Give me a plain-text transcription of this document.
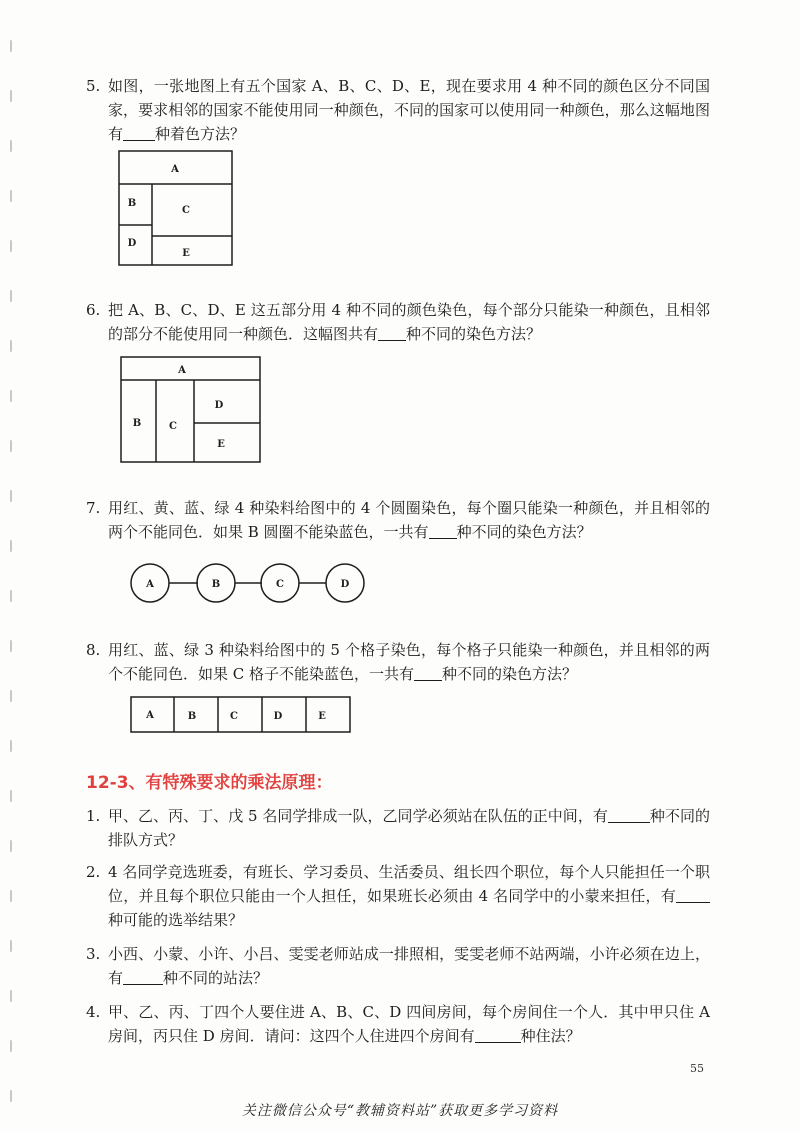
5. 如图，一张地图上有五个国家 A、B、C、D、E，现在要求用 4 种不同的颜色区分不同国家，要求相邻的国家不能使用同一种颜色，不同的国家可以使用同一种颜色，那么这幅地图有 种着色方法？
A
B
C
D
E
6. 把 A、B、C、D、E 这五部分用 4 种不同的颜色染色，每个部分只能染一种颜色，且相邻的部分不能使用同一种颜色．这幅图共有 种不同的染色方法？
A
B	C
D
E
7. 用红、黄、蓝、绿 4 种染料给图中的 4 个圆圈染色，每个圈只能染一种颜色，并且相邻的两个不能同色．如果 B 圆圈不能染蓝色，一共有 种不同的染色方法？
A	B	C	D
8. 用红、蓝、绿 3 种染料给图中的 5 个格子染色，每个格子只能染一种颜色，并且相邻的两个不能同色．如果 C 格子不能染蓝色，一共有 种不同的染色方法？
A	B	C	D	E
12-3、有特殊要求的乘法原理：
1. 甲、乙、丙、丁、戊 5 名同学排成一队，乙同学必须站在队伍的正中间，有	种不同的排队方式？
2. 4 名同学竞选班委，有班长、学习委员、生活委员、组长四个职位，每个人只能担任一个职位，并且每个职位只能由一个人担任，如果班长必须由 4 名同学中的小蒙来担任，有种可能的选举结果？
3. 小西、小蒙、小许、小吕、雯雯老师站成一排照相，雯雯老师不站两端，小许必须在边上，有	种不同的站法？
4. 甲、乙、丙、丁四个人要住进 A、B、C、D 四间房间，每个房间住一个人．其中甲只住 A 房间，丙只住 D 房间．请问：这四个人住进四个房间有	种住法？
55
关注微信公众号“教辅资料站”获取更多学习资料
